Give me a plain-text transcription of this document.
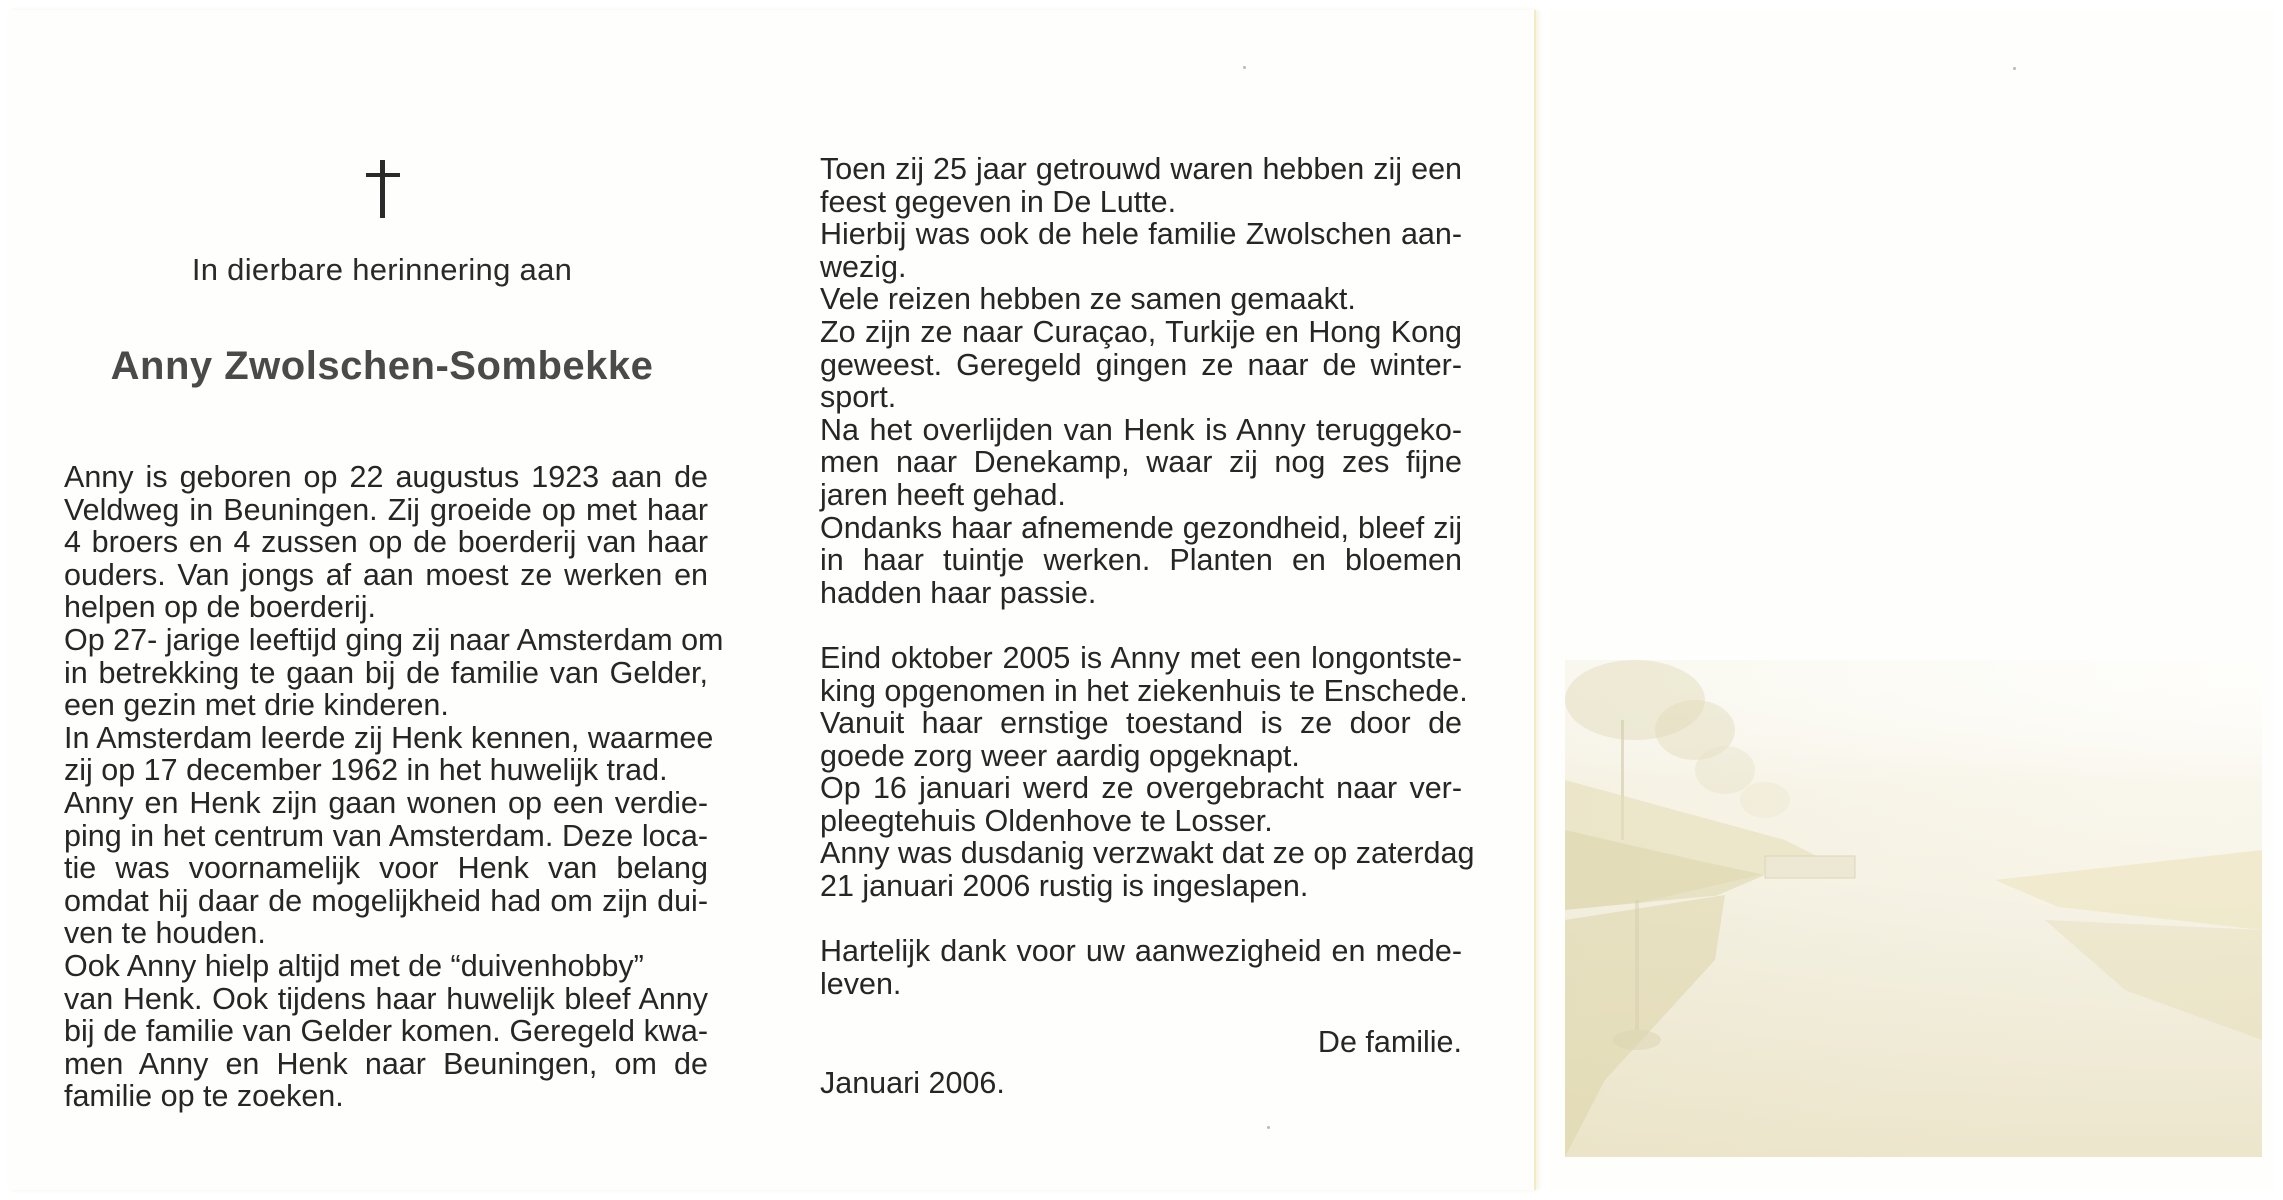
In dierbare herinnering aan
Anny Zwolschen-Sombekke
Anny is geboren op 22 augustus 1923 aan de
Veldweg in Beuningen. Zij groeide op met haar
4 broers en 4 zussen op de boerderij van haar
ouders. Van jongs af aan moest ze werken en
helpen op de boerderij.
Op 27- jarige leeftijd ging zij naar Amsterdam om
in betrekking te gaan bij de familie van Gelder,
een gezin met drie kinderen.
In Amsterdam leerde zij Henk kennen, waarmee
zij op 17 december 1962 in het huwelijk trad.
Anny en Henk zijn gaan wonen op een verdie-
ping in het centrum van Amsterdam. Deze loca-
tie was voornamelijk voor Henk van belang
omdat hij daar de mogelijkheid had om zijn dui-
ven te houden.
Ook Anny hielp altijd met de “duivenhobby”
van Henk. Ook tijdens haar huwelijk bleef Anny
bij de familie van Gelder komen. Geregeld kwa-
men Anny en Henk naar Beuningen, om de
familie op te zoeken.
Toen zij 25 jaar getrouwd waren hebben zij een
feest gegeven in De Lutte.
Hierbij was ook de hele familie Zwolschen aan-
wezig.
Vele reizen hebben ze samen gemaakt.
Zo zijn ze naar Curaçao, Turkije en Hong Kong
geweest. Geregeld gingen ze naar de winter-
sport.
Na het overlijden van Henk is Anny teruggeko-
men naar Denekamp, waar zij nog zes fijne
jaren heeft gehad.
Ondanks haar afnemende gezondheid, bleef zij
in haar tuintje werken. Planten en bloemen
hadden haar passie.
Eind oktober 2005 is Anny met een longontste-
king opgenomen in het ziekenhuis te Enschede.
Vanuit haar ernstige toestand is ze door de
goede zorg weer aardig opgeknapt.
Op 16 januari werd ze overgebracht naar ver-
pleegtehuis Oldenhove te Losser.
Anny was dusdanig verzwakt dat ze op zaterdag
21 januari 2006 rustig is ingeslapen.
Hartelijk dank voor uw aanwezigheid en mede-
leven.
De familie.
Januari 2006.
